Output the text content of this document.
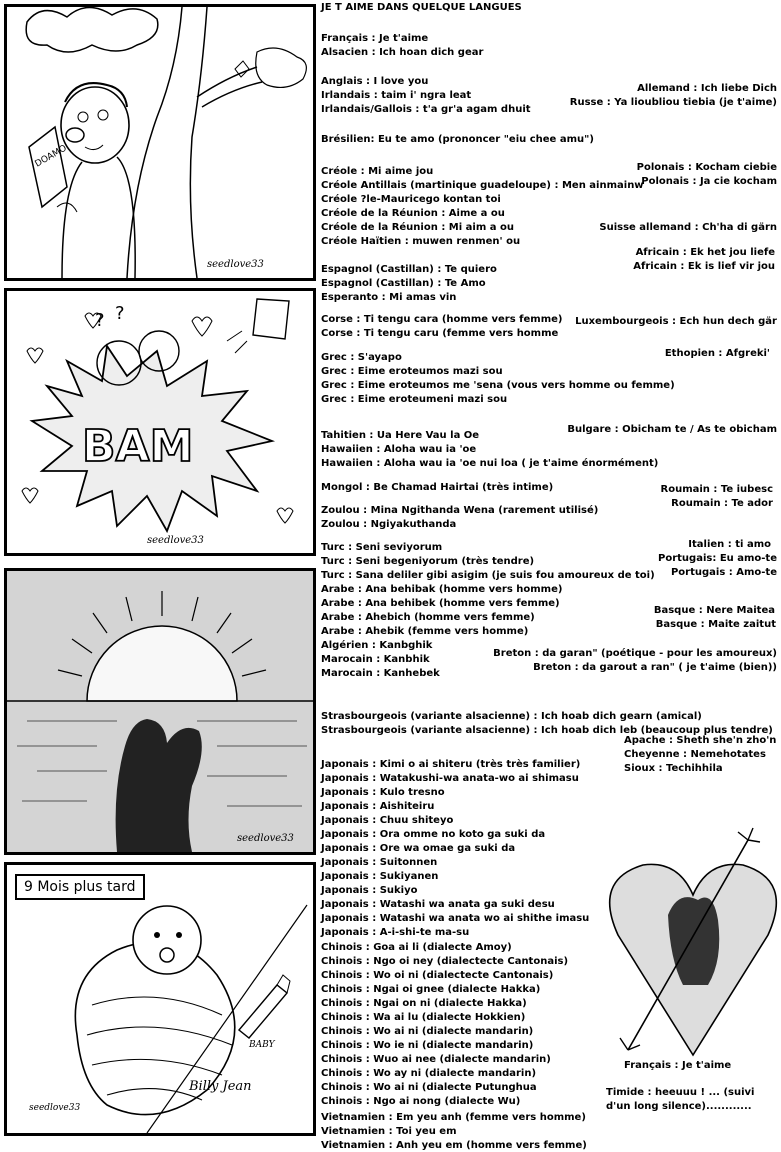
DOAMO
seedlove33
BAM
? ?
seedlove33
seedlove33
BABY
Billy Jean
seedlove33
9 Mois plus tard
JE T AIME DANS QUELQUE LANGUES
Français : Je t'aime
Alsacien : Ich hoan dich gear
Anglais : I love you
Irlandais : taim i' ngra leat
Irlandais/Gallois : t'a gr'a agam dhuit
Brésilien: Eu te amo (prononcer "eiu chee amu")
Créole : Mi aime jou
Créole Antillais (martinique guadeloupe) : Men ainmainw
Créole ?le-Mauricego kontan toi
Créole de la Réunion : Aime a ou
Créole de la Réunion : Mi aim a ou
Créole Haïtien : muwen renmen' ou
Espagnol (Castillan) : Te quiero
Espagnol (Castillan) : Te Amo
Esperanto : Mi amas vin
Corse : Ti tengu cara (homme vers femme)
Corse : Ti tengu caru (femme vers homme
Grec : S'ayapo
Grec : Eime eroteumos mazi sou
Grec : Eime eroteumos me 'sena (vous vers homme ou femme)
Grec : Eime eroteumeni mazi sou
Tahitien : Ua Here Vau la Oe
Hawaiien : Aloha wau ia 'oe
Hawaiien : Aloha wau ia 'oe nui loa ( je t'aime énormément)
Mongol : Be Chamad Hairtai (très intime)
Zoulou : Mina Ngithanda Wena (rarement utilisé)
Zoulou : Ngiyakuthanda
Turc : Seni seviyorum
Turc : Seni begeniyorum (très tendre)
Turc : Sana deliler gibi asigim (je suis fou amoureux de toi)
Arabe : Ana behibak (homme vers homme)
Arabe : Ana behibek (homme vers femme)
Arabe : Ahebich (homme vers femme)
Arabe : Ahebik (femme vers homme)
Algérien : Kanbghik
Marocain : Kanbhik
Marocain : Kanhebek
Strasbourgeois (variante alsacienne) : Ich hoab dich gearn (amical)
Strasbourgeois (variante alsacienne) : Ich hoab dich leb (beaucoup plus tendre)
Japonais : Kimi o ai shiteru (très très familier)
Japonais : Watakushi-wa anata-wo ai shimasu
Japonais : Kulo tresno
Japonais : Aishiteiru
Japonais : Chuu shiteyo
Japonais : Ora omme no koto ga suki da
Japonais : Ore wa omae ga suki da
Japonais : Suitonnen
Japonais : Sukiyanen
Japonais : Sukiyo
Japonais : Watashi wa anata ga suki desu
Japonais : Watashi wa anata wo ai shithe imasu
Japonais : A-i-shi-te ma-su
Chinois : Goa ai li (dialecte Amoy)
Chinois : Ngo oi ney (dialectecte Cantonais)
Chinois : Wo oi ni (dialectecte Cantonais)
Chinois : Ngai oi gnee (dialecte Hakka)
Chinois : Ngai on ni (dialecte Hakka)
Chinois : Wa ai lu (dialecte Hokkien)
Chinois : Wo ai ni (dialecte mandarin)
Chinois : Wo ie ni (dialecte mandarin)
Chinois : Wuo ai nee (dialecte mandarin)
Chinois : Wo ay ni (dialecte mandarin)
Chinois : Wo ai ni (dialecte Putunghua
Chinois : Ngo ai nong (dialecte Wu)
Vietnamien : Em yeu anh (femme vers homme)
Vietnamien : Toi yeu em
Vietnamien : Anh yeu em (homme vers femme)
Allemand : Ich liebe Dich
Russe : Ya lioubliou tiebia (je t'aime)
Polonais : Kocham ciebie
Polonais : Ja cie kocham
Suisse allemand : Ch'ha di gärn
Africain : Ek het jou liefe
Africain : Ek is lief vir jou
Luxembourgeois : Ech hun dech gär
Ethopien : Afgreki'
Bulgare : Obicham te / As te obicham
Roumain : Te iubesc
Roumain : Te ador
Italien : ti amo
Portugais: Eu amo-te
Portugais : Amo-te
Basque : Nere Maitea
Basque : Maite zaitut
Breton : da garan" (poétique - pour les amoureux)
Breton : da garout a ran" ( je t'aime (bien))
Apache : Sheth she'n zho'n
Cheyenne : Nemehotates
Sioux : Techihhila
Français : Je t'aime
Timide : heeuuu ! ... (suivi
d'un long silence)............
